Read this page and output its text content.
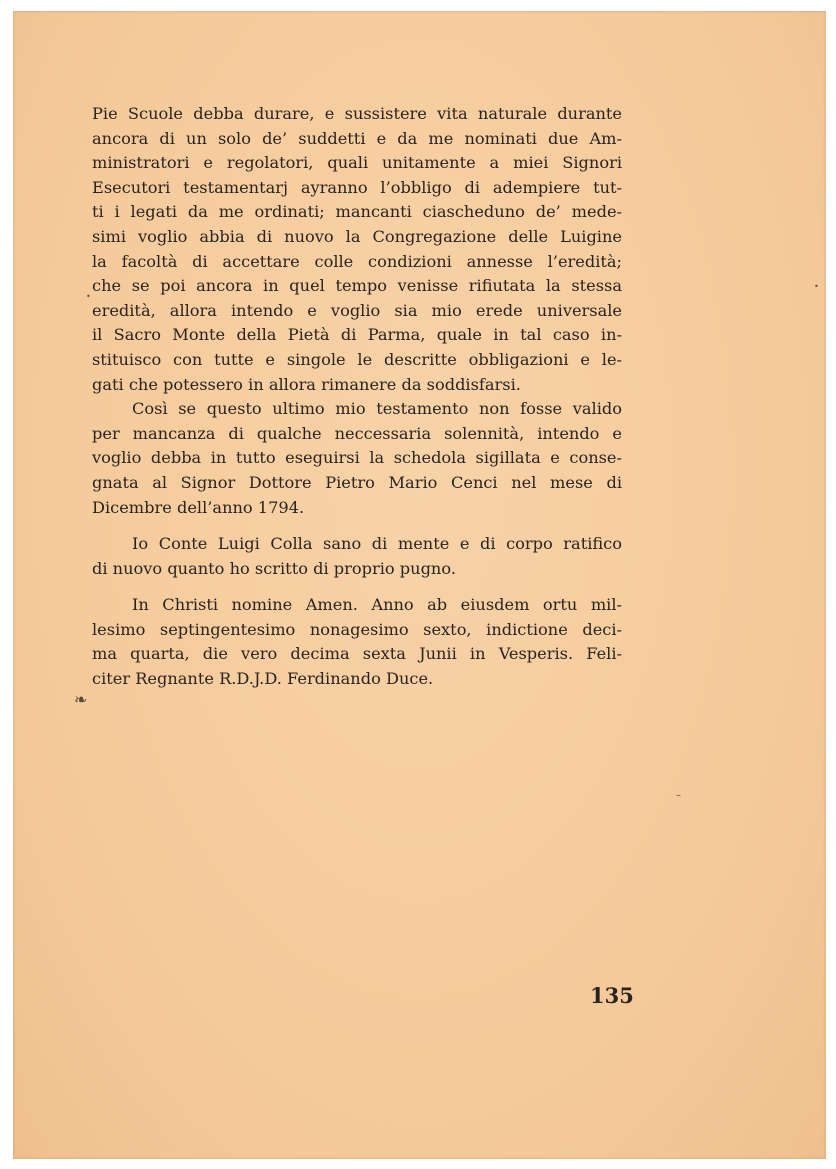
Pie Scuole debba durare, e sussistere vita naturale durante
ancora di un solo de’ suddetti e da me nominati due Am-
ministratori e regolatori, quali unitamente a miei Signori
Esecutori testamentarj ayranno l’obbligo di adempiere tut-
ti i legati da me ordinati; mancanti ciascheduno de’ mede-
simi voglio abbia di nuovo la Congregazione delle Luigine
la facoltà di accettare colle condizioni annesse l’eredità;
che se poi ancora in quel tempo venisse rifiutata la stessa
eredità, allora intendo e voglio sia mio erede universale
il Sacro Monte della Pietà di Parma, quale in tal caso in-
stituisco con tutte e singole le descritte obbligazioni e le-
gati che potessero in allora rimanere da soddisfarsi.

Così se questo ultimo mio testamento non fosse valido
per mancanza di qualche neccessaria solennità, intendo e
voglio debba in tutto eseguirsi la schedola sigillata e conse-
gnata al Signor Dottore Pietro Mario Cenci nel mese di
Dicembre dell’anno 1794.

Io Conte Luigi Colla sano di mente e di corpo ratifico
di nuovo quanto ho scritto di proprio pugno.

In Christi nomine Amen. Anno ab eiusdem ortu mil-
lesimo septingentesimo nonagesimo sexto, indictione deci-
ma quarta, die vero decima sexta Junii in Vesperis. Feli-
citer Regnante R.D.J.D. Ferdinando Duce.

135
❧
•
–
•
